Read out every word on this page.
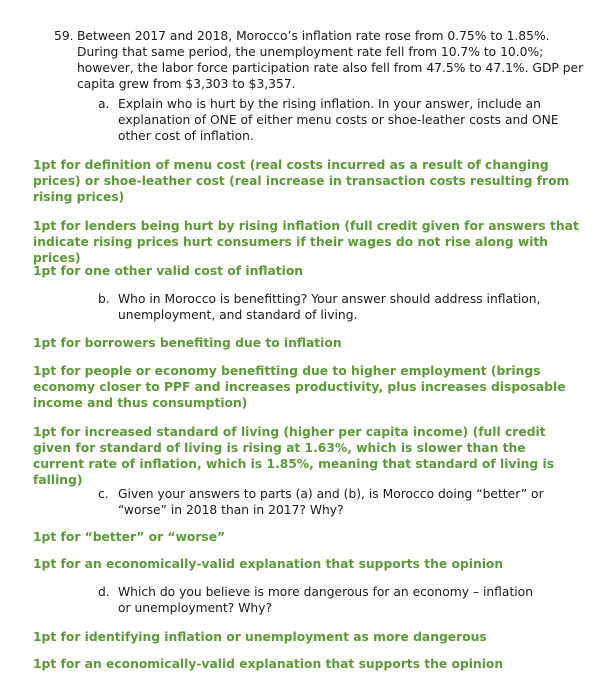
59. Between 2017 and 2018, Morocco’s inflation rate rose from 0.75% to 1.85%. During that same period, the unemployment rate fell from 10.7% to 10.0%; however, the labor force participation rate also fell from 47.5% to 47.1%. GDP per capita grew from $3,303 to $3,357.
a. Explain who is hurt by the rising inflation. In your answer, include an explanation of ONE of either menu costs or shoe-leather costs and ONE other cost of inflation.
1pt for definition of menu cost (real costs incurred as a result of changing prices) or shoe-leather cost (real increase in transaction costs resulting from rising prices)
1pt for lenders being hurt by rising inflation (full credit given for answers that indicate rising prices hurt consumers if their wages do not rise along with prices)
1pt for one other valid cost of inflation
b. Who in Morocco is benefitting? Your answer should address inflation, unemployment, and standard of living.
1pt for borrowers benefiting due to inflation
1pt for people or economy benefitting due to higher employment (brings economy closer to PPF and increases productivity, plus increases disposable income and thus consumption)
1pt for increased standard of living (higher per capita income) (full credit given for standard of living is rising at 1.63%, which is slower than the current rate of inflation, which is 1.85%, meaning that standard of living is falling)
c. Given your answers to parts (a) and (b), is Morocco doing “better” or “worse” in 2018 than in 2017? Why?
1pt for “better” or “worse”
1pt for an economically-valid explanation that supports the opinion
d. Which do you believe is more dangerous for an economy – inflation or unemployment? Why?
1pt for identifying inflation or unemployment as more dangerous
1pt for an economically-valid explanation that supports the opinion
